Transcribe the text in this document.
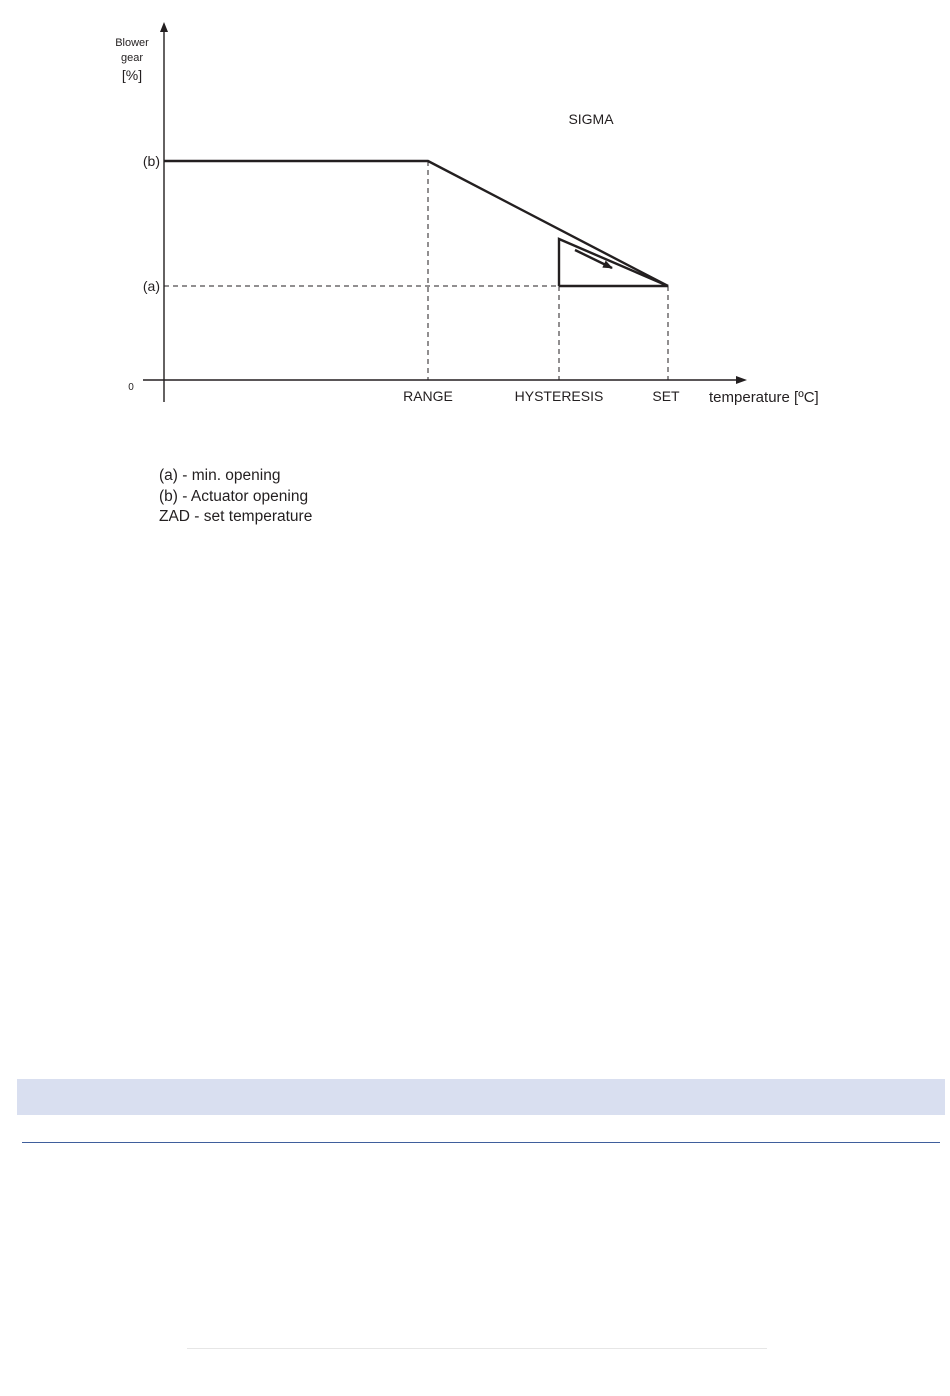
Blower
gear
[%]
(b)
(a)
0
SIGMA
RANGE	HYSTERESIS	SET temperature [ºC]
(a) - min. opening
(b) - Actuator opening
ZAD - set temperature
